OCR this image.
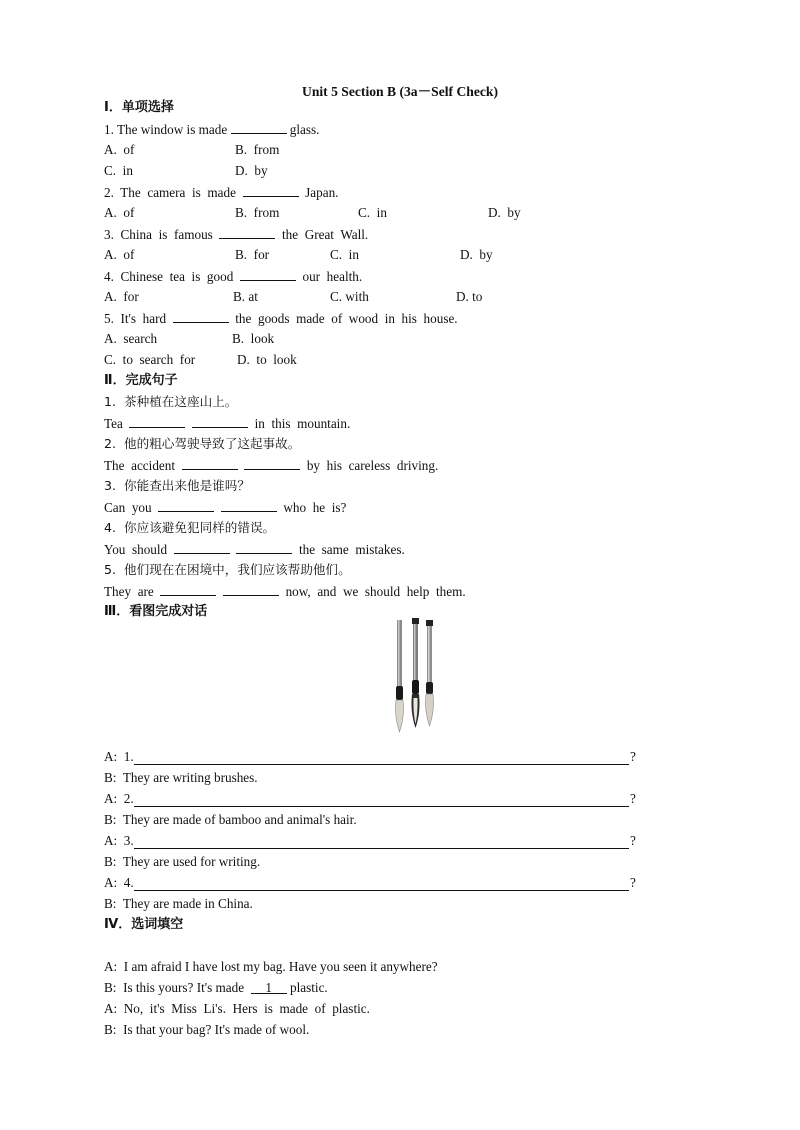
Unit 5 Section B (3a－Self Check)
Ⅰ．单项选择
1. The window is made	glass.
A.  of	B.  from
C.  in	D.  by
2.  The  camera  is  made	Japan.
A.  of	B.  from	C.  in	D.  by
3.  China  is  famous	the  Great  Wall.
A.  of	B.  for	C.  in	D.  by
4.  Chinese  tea  is  good	our  health.
A.  for	B. at	C. with	D. to
5.  It's  hard	the  goods  made  of  wood  in  his  house.
A.  search	B.  look
C.  to  search  for	D.  to  look
Ⅱ．完成句子
1.  茶种植在这座山上。
Tea	in  this  mountain.
2.  他的粗心驾驶导致了这起事故。
The  accident	by  his  careless  driving.
3.  你能查出来他是谁吗？
Can  you	who  he  is?
4.  你应该避免犯同样的错误。
You  should	the  same  mistakes.
5.  他们现在在困境中，我们应该帮助他们。
They  are	now,  and  we  should  help  them.
Ⅲ．看图完成对话
A: 1.	?
B: They are writing brushes.
A: 2.	?
B: They are made of bamboo and animal's hair.
A: 3.	?
B: They are used for writing.
A: 4.	?
B: They are made in China.
Ⅳ．选词填空
A: I am afraid I have lost my bag. Have you seen it anywhere?
B: Is this yours? It's made  1 plastic.
A: No,  it's  Miss  Li's.  Hers  is  made  of  plastic.
B: Is that your bag? It's made of wool.
